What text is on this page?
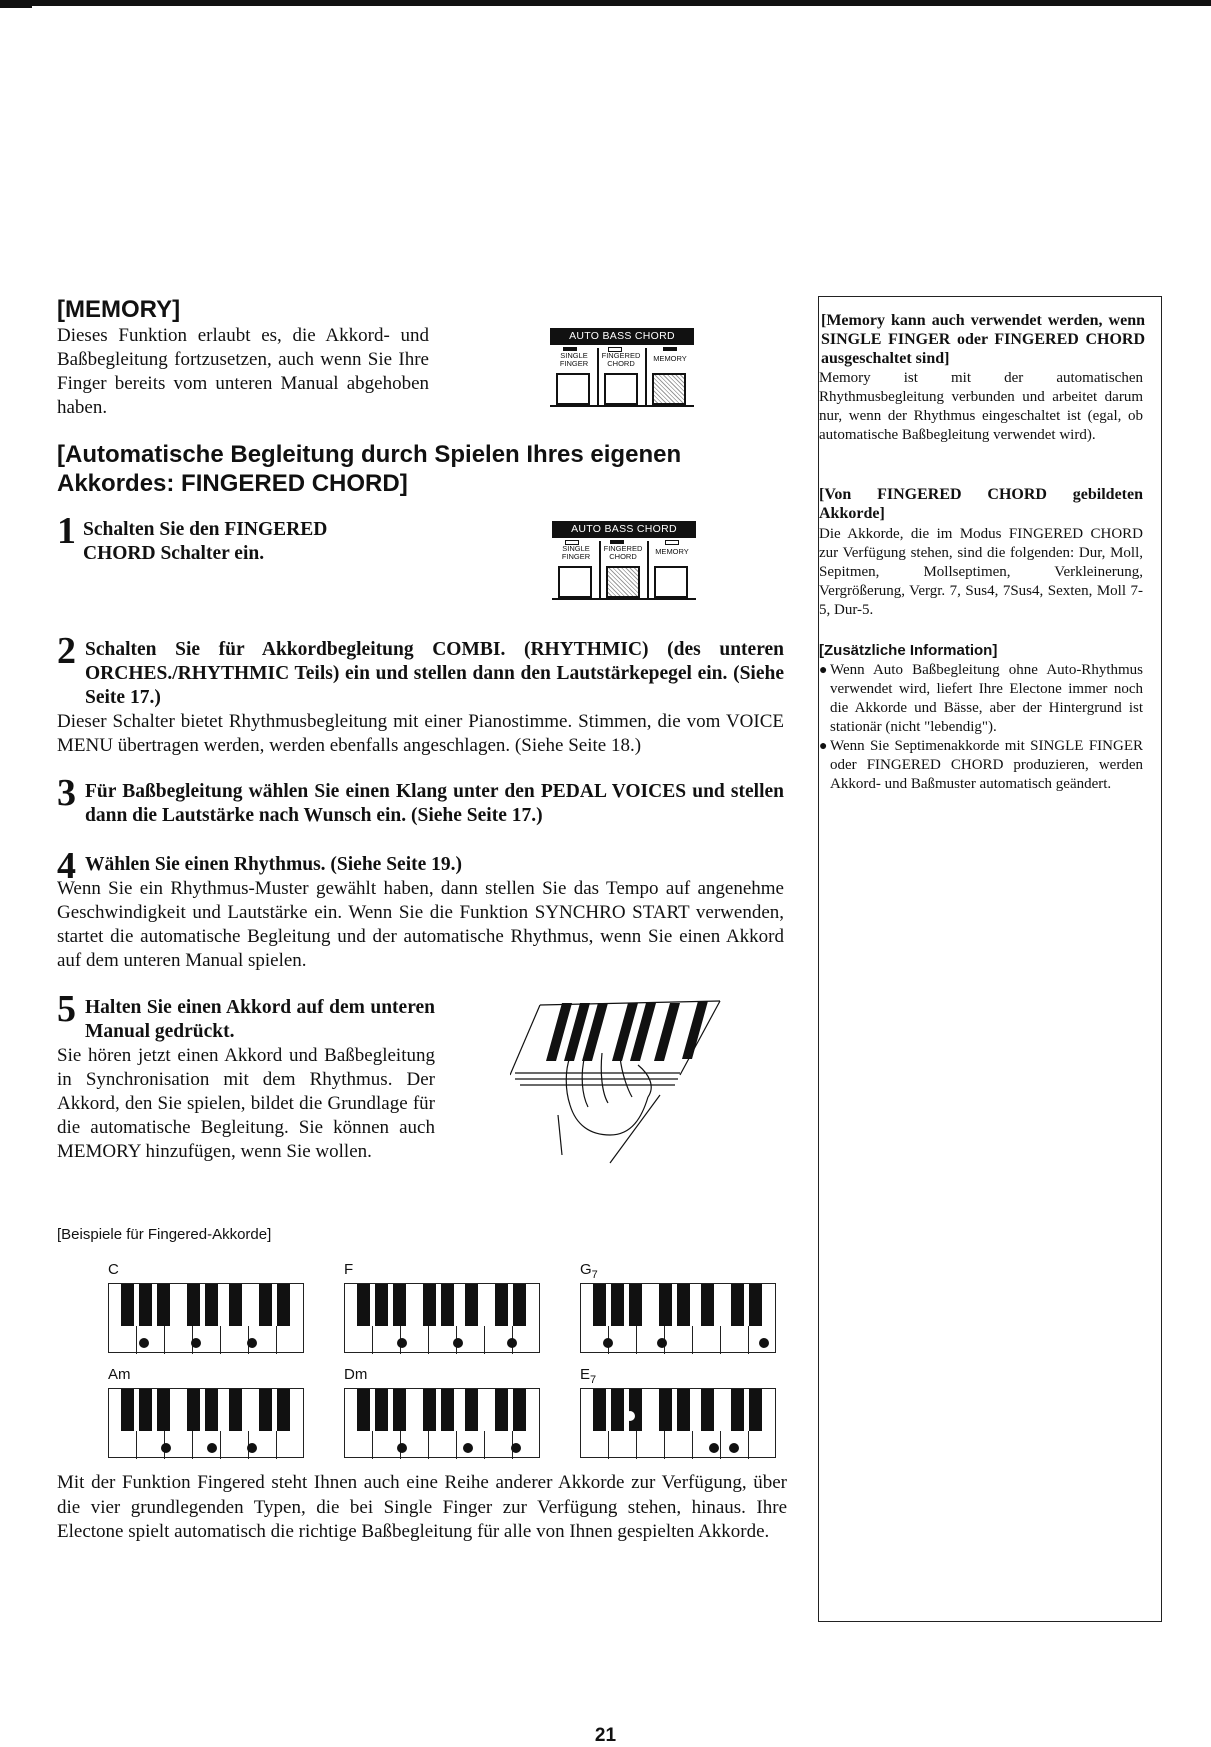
[MEMORY]
Dieses Funktion erlaubt es, die Akkord- und Baßbegleitung fortzusetzen, auch wenn Sie Ihre Finger bereits vom unteren Manual abgehoben haben.
AUTO BASS CHORD
SINGLE FINGER
FINGERED CHORD
MEMORY
[Automatische Begleitung durch Spielen Ihres eigenen
Akkordes: FINGERED CHORD]
1 Schalten Sie den FINGERED CHORD Schalter ein.
AUTO BASS CHORD
SINGLE FINGER
FINGERED CHORD
MEMORY
2 Schalten Sie für Akkordbegleitung COMBI. (RHYTHMIC) (des unteren ORCHES./RHYTHMIC Teils) ein und stellen dann den Lautstärkepegel ein. (Siehe Seite 17.)
Dieser Schalter bietet Rhythmusbegleitung mit einer Pianostimme. Stimmen, die vom VOICE MENU übertragen werden, werden ebenfalls angeschlagen. (Siehe Seite 18.)
3 Für Baßbegleitung wählen Sie einen Klang unter den PEDAL VOICES und stellen dann die Lautstärke nach Wunsch ein. (Siehe Seite 17.)
4 Wählen Sie einen Rhythmus. (Siehe Seite 19.)
Wenn Sie ein Rhythmus-Muster gewählt haben, dann stellen Sie das Tempo auf angenehme Geschwindigkeit und Lautstärke ein. Wenn Sie die Funktion SYNCHRO START verwenden, startet die automatische Begleitung und der automatische Rhythmus, wenn Sie einen Akkord auf dem unteren Manual spielen.
5 Halten Sie einen Akkord auf dem unteren Manual gedrückt.
Sie hören jetzt einen Akkord und Baßbegleitung in Synchronisation mit dem Rhythmus. Der Akkord, den Sie spielen, bildet die Grundlage für die automatische Begleitung. Sie können auch MEMORY hinzufügen, wenn Sie wollen.
[Beispiele für Fingered-Akkorde]
C	F	$G_7$
Am	Dm	$E_7$
Mit der Funktion Fingered steht Ihnen auch eine Reihe anderer Akkorde zur Verfügung, über die vier grundlegenden Typen, die bei Single Finger zur Verfügung stehen, hinaus. Ihre Electone spielt automatisch die richtige Baßbegleitung für alle von Ihnen gespielten Akkorde.
[Memory kann auch verwendet werden, wenn SINGLE FINGER oder FINGERED CHORD ausgeschaltet sind]
Memory ist mit der automatischen Rhythmusbegleitung verbunden und arbeitet darum nur, wenn der Rhythmus eingeschaltet ist (egal, ob automatische Baßbegleitung verwendet wird).
[Von FINGERED CHORD gebildeten Akkorde]
Die Akkorde, die im Modus FINGERED CHORD zur Verfügung stehen, sind die folgenden: Dur, Moll, Sepitmen, Mollseptimen, Verkleinerung, Vergrößerung, Vergr. 7, Sus4, 7Sus4, Sexten, Moll 7-5, Dur-5.
[Zusätzliche Information]
● Wenn Auto Baßbegleitung ohne Auto-Rhythmus verwendet wird, liefert Ihre Electone immer noch die Akkorde und Bässe, aber der Hintergrund ist stationär (nicht "lebendig").
● Wenn Sie Septimenakkorde mit SINGLE FINGER oder FINGERED CHORD produzieren, werden Akkord- und Baßmuster automatisch geändert.
21
